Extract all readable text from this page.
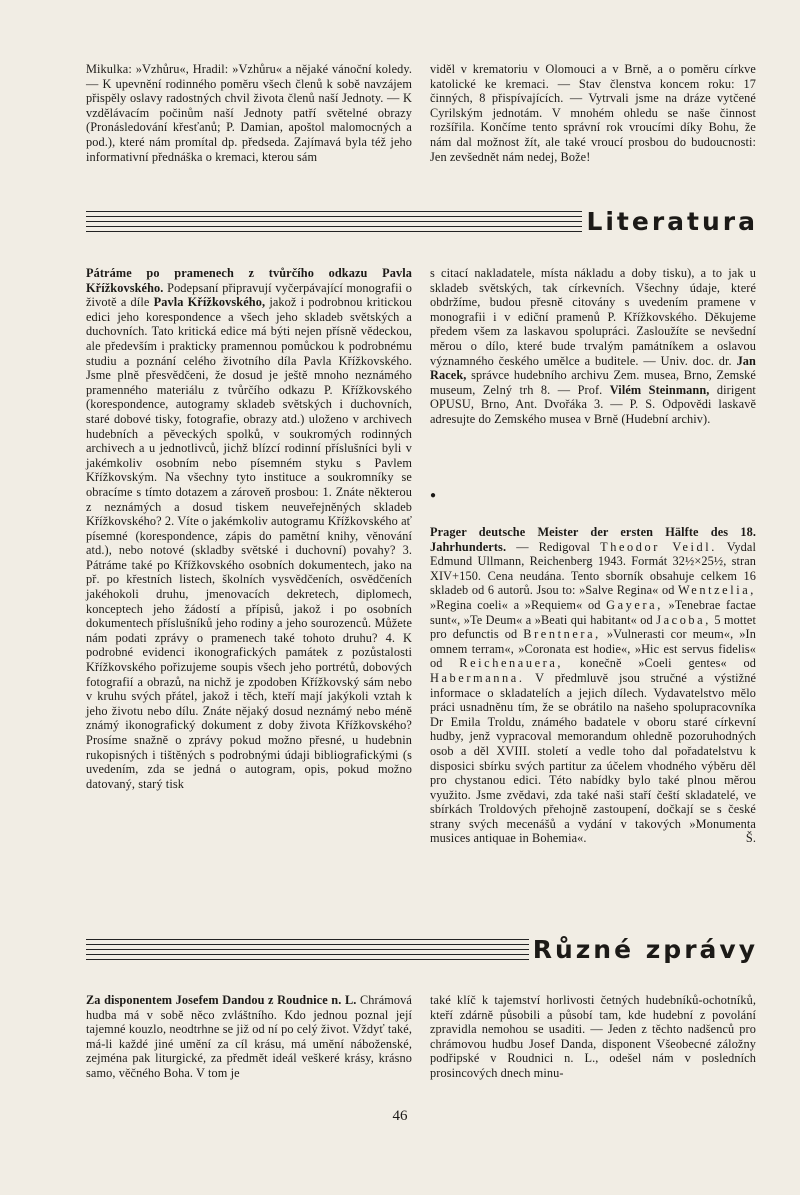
Mikulka: »Vzhůru«, Hradil: »Vzhůru« a nějaké vánoční koledy. — K upevnění rodinného poměru všech členů k sobě navzájem přispěly oslavy radostných chvil života členů naší Jednoty. — K vzdělávacím počinům naší Jednoty patří světelné obrazy (Pronásledování křesťanů; P. Damian, apoštol malomocných a pod.), které nám promítal dp. předseda. Zajímavá byla též jeho informativní přednáška o kremaci, kterou sám

viděl v krematoriu v Olomouci a v Brně, a o poměru církve katolické ke kremaci. — Stav členstva koncem roku: 17 činných, 8 přispívajících. — Vytrvali jsme na dráze vytčené Cyrilským jednotám. V mnohém ohledu se naše činnost rozšířila. Končíme tento správní rok vroucími díky Bohu, že nám dal možnost žít, ale také vroucí prosbou do budoucnosti: Jen zevšednět nám nedej, Bože!

Literatura

Pátráme po pramenech z tvůrčího odkazu Pavla Křížkovského. Podepsaní připravují vyčerpávající monografii o životě a díle Pavla Křížkovského, jakož i podrobnou kritickou edici jeho korespondence a všech jeho skladeb světských a duchovních. Tato kritická edice má býti nejen přísně vědeckou, ale především i prakticky pramennou pomůckou k podrobnému studiu a poznání celého životního díla Pavla Křížkovského. Jsme plně přesvědčeni, že dosud je ještě mnoho neznámého pramenného materiálu z tvůrčího odkazu P. Křížkovského (korespondence, autogramy skladeb světských i duchovních, staré dobové tisky, fotografie, obrazy atd.) uloženo v archivech hudebních a pěveckých spolků, v soukromých rodinných archivech a u jednotlivců, jichž blízcí rodinní příslušníci byli v jakémkoliv osobním nebo písemném styku s Pavlem Křížkovským. Na všechny tyto instituce a soukromníky se obracíme s tímto dotazem a zároveň prosbou: 1. Znáte některou z neznámých a dosud tiskem neuveřejněných skladeb Křížkovského? 2. Víte o jakémkoliv autogramu Křížkovského ať písemné (korespondence, zápis do pamětní knihy, věnování atd.), nebo notové (skladby světské i duchovní) povahy? 3. Pátráme také po Křížkovského osobních dokumentech, jako na př. po křestních listech, školních vysvědčeních, osvědčeních jakéhokoli druhu, jmenovacích dekretech, diplomech, konceptech jeho žádostí a přípisů, jakož i po osobních dokumentech příslušníků jeho rodiny a jeho sourozenců. Můžete nám podati zprávy o pramenech také tohoto druhu? 4. K podrobné evidenci ikonografických památek z pozůstalosti Křížkovského pořizujeme soupis všech jeho portrétů, dobových fotografií a obrazů, na nichž je zpodoben Křížkovský sám nebo v kruhu svých přátel, jakož i těch, kteří mají jakýkoli vztah k jeho životu nebo dílu. Znáte nějaký dosud neznámý nebo méně známý ikonografický dokument z doby života Křížkovského? Prosíme snažně o zprávy pokud možno přesné, u hudebnin rukopisných i tištěných s podrobnými údaji bibliografickými (s uvedením, zda se jedná o autogram, opis, pokud možno datovaný, starý tisk

s citací nakladatele, místa nákladu a doby tisku), a to jak u skladeb světských, tak církevních. Všechny údaje, které obdržíme, budou přesně citovány s uvedením pramene v monografii i v ediční pramenů P. Křížkovského. Děkujeme předem všem za laskavou spolupráci. Zasloužíte se nevšední měrou o dílo, které bude trvalým památníkem a oslavou významného českého umělce a buditele. — Univ. doc. dr. Jan Racek, správce hudebního archivu Zem. musea, Brno, Zemské museum, Zelný trh 8. — Prof. Vilém Steinmann, dirigent OPUSU, Brno, Ant. Dvořáka 3. — P. S. Odpovědi laskavě adresujte do Zemského musea v Brně (Hudební archiv).

●

Prager deutsche Meister der ersten Hälfte des 18. Jahrhunderts. — Redigoval Theodor Veidl. Vydal Edmund Ullmann, Reichenberg 1943. Formát 32½×25½, stran XIV+150. Cena neudána. Tento sborník obsahuje celkem 16 skladeb od 6 autorů. Jsou to: »Salve Regina« od Wentzelia, »Regina coeli« a »Requiem« od Gayera, »Tenebrae factae sunt«, »Te Deum« a »Beati qui habitant« od Jacoba, 5 mottet pro defunctis od Brentnera, »Vulnerasti cor meum«, »In omnem terram«, »Coronata est hodie«, »Hic est servus fidelis« od Reichenauera, konečně »Coeli gentes« od Habermanna. V předmluvě jsou stručné a výstižné informace o skladatelích a jejich dílech. Vydavatelstvo mělo práci usnadněnu tím, že se obrátilo na našeho spolupracovníka Dr Emila Troldu, známého badatele v oboru staré církevní hudby, jenž vypracoval memorandum ohledně pozoruhodných osob a děl XVIII. století a vedle toho dal pořadatelstvu k disposici sbírku svých partitur za účelem vhodného výběru děl pro chystanou edici. Této nabídky bylo také plnou měrou využito. Jsme zvědavi, zda také naši staří čeští skladatelé, ve sbírkách Troldových přehojně zastoupení, dočkají se s české strany svých mecenášů a vydání v takových »Monumenta musices antiquae in Bohemia«.	Š.

Různé zprávy

Za disponentem Josefem Dandou z Roudnice n. L. Chrámová hudba má v sobě něco zvláštního. Kdo jednou poznal její tajemné kouzlo, neodtrhne se již od ní po celý život. Vždyť také, má-li každé jiné umění za cíl krásu, má umění náboženské, zejména pak liturgické, za předmět ideál veškeré krásy, krásno samo, věčného Boha. V tom je

také klíč k tajemství horlivosti četných hudebníků-ochotníků, kteří zdárně působili a působí tam, kde hudební z povolání zpravidla nemohou se usaditi. — Jeden z těchto nadšenců pro chrámovou hudbu Josef Danda, disponent Všeobecné záložny podřipské v Roudnici n. L., odešel nám v posledních prosincových dnech minu-

46
